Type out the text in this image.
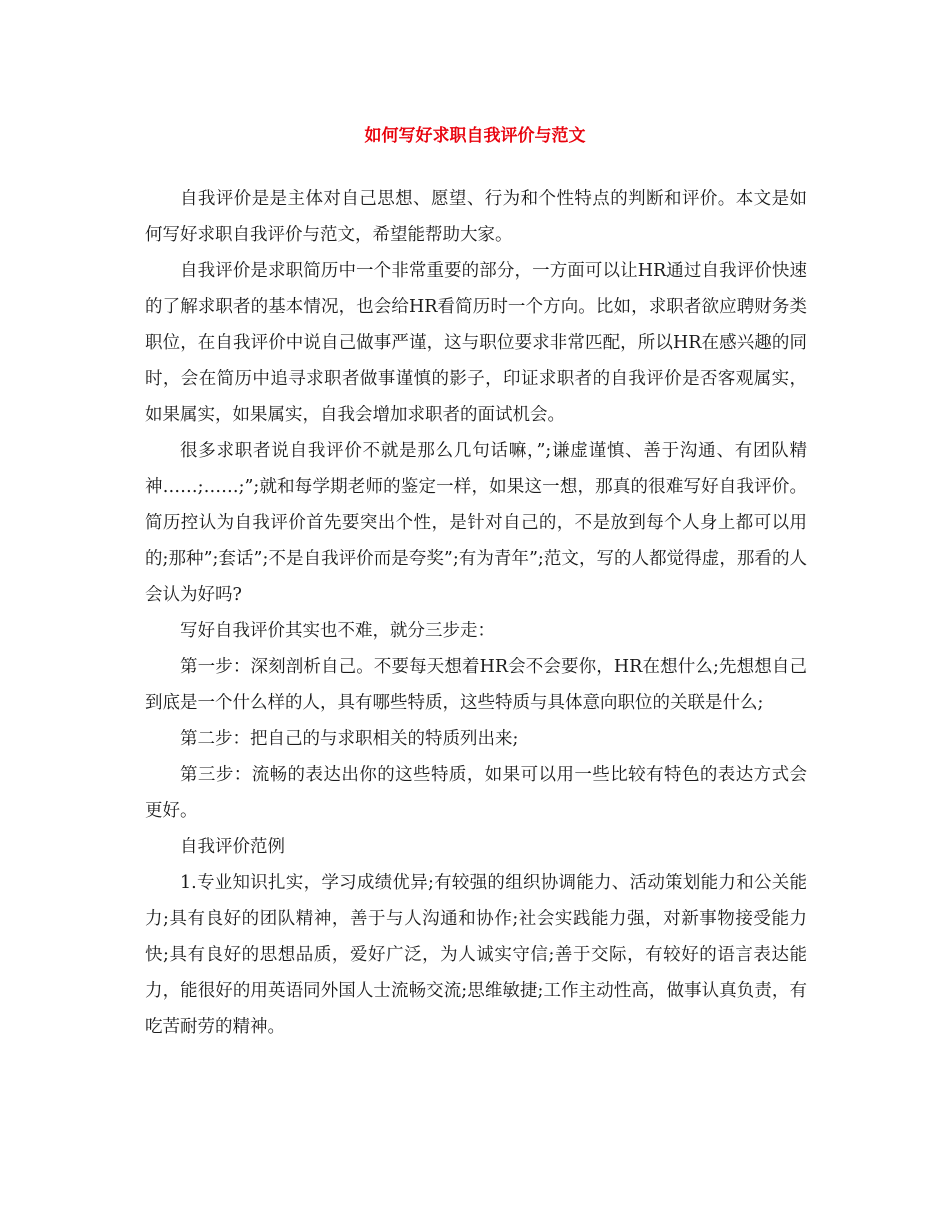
如何写好求职自我评价与范文

自我评价是是主体对自己思想、愿望、行为和个性特点的判断和评价。本文是如何写好求职自我评价与范文，希望能帮助大家。

自我评价是求职简历中一个非常重要的部分，一方面可以让HR通过自我评价快速的了解求职者的基本情况，也会给HR看简历时一个方向。比如，求职者欲应聘财务类职位，在自我评价中说自己做事严谨，这与职位要求非常匹配，所以HR在感兴趣的同时，会在简历中追寻求职者做事谨慎的影子，印证求职者的自我评价是否客观属实，如果属实，如果属实，自我会增加求职者的面试机会。

很多求职者说自我评价不就是那么几句话嘛，”;谦虚谨慎、善于沟通、有团队精神……;……;”;就和每学期老师的鉴定一样，如果这一想，那真的很难写好自我评价。简历控认为自我评价首先要突出个性，是针对自己的，不是放到每个人身上都可以用的;那种”;套话”;不是自我评价而是夸奖”;有为青年”;范文，写的人都觉得虚，那看的人会认为好吗?

写好自我评价其实也不难，就分三步走：

第一步：深刻剖析自己。不要每天想着HR会不会要你，HR在想什么;先想想自己到底是一个什么样的人，具有哪些特质，这些特质与具体意向职位的关联是什么;

第二步：把自己的与求职相关的特质列出来;

第三步：流畅的表达出你的这些特质，如果可以用一些比较有特色的表达方式会更好。

自我评价范例

1.专业知识扎实，学习成绩优异;有较强的组织协调能力、活动策划能力和公关能力;具有良好的团队精神，善于与人沟通和协作;社会实践能力强，对新事物接受能力快;具有良好的思想品质，爱好广泛，为人诚实守信;善于交际，有较好的语言表达能力，能很好的用英语同外国人士流畅交流;思维敏捷;工作主动性高，做事认真负责，有吃苦耐劳的精神。
